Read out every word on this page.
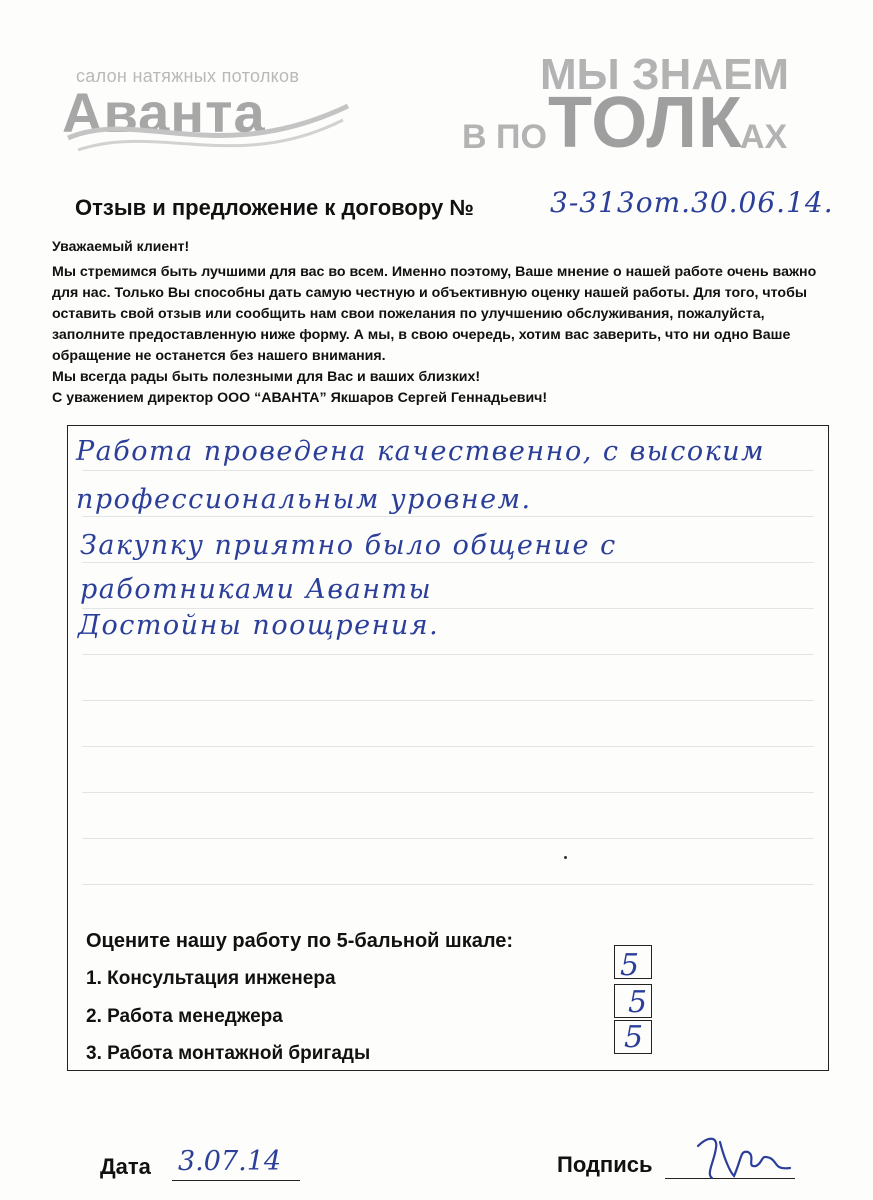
салон натяжных потолков
Аванта
МЫ ЗНАЕМ
В ПО ТОЛК
АХ
Отзыв и предложение к договору №	3-313от.30.06.14.
Уважаемый клиент!

Мы стремимся быть лучшими для вас во всем. Именно поэтому, Ваше мнение о нашей работе очень важно для нас. Только Вы способны дать самую честную и объективную оценку нашей работы. Для того, чтобы оставить свой отзыв или сообщить нам свои пожелания по улучшению обслуживания, пожалуйста, заполните предоставленную ниже форму. А мы, в свою очередь, хотим вас заверить, что ни одно Ваше обращение не останется без нашего внимания.

Мы всегда рады быть полезными для Вас и ваших близких!

С уважением директор ООО “АВАНТА” Якшаров Сергей Геннадьевич!

Работа проведена качественно, с высоким
профессиональным уровнем.
Закупку приятно было общение с
работниками Аванты
Достойны поощрения.
Оцените нашу работу по 5-бальной шкале:
1. Консультация инженера
2. Работа менеджера
3. Работа монтажной бригады
5
5
5
Дата 3.07.14	Подпись
